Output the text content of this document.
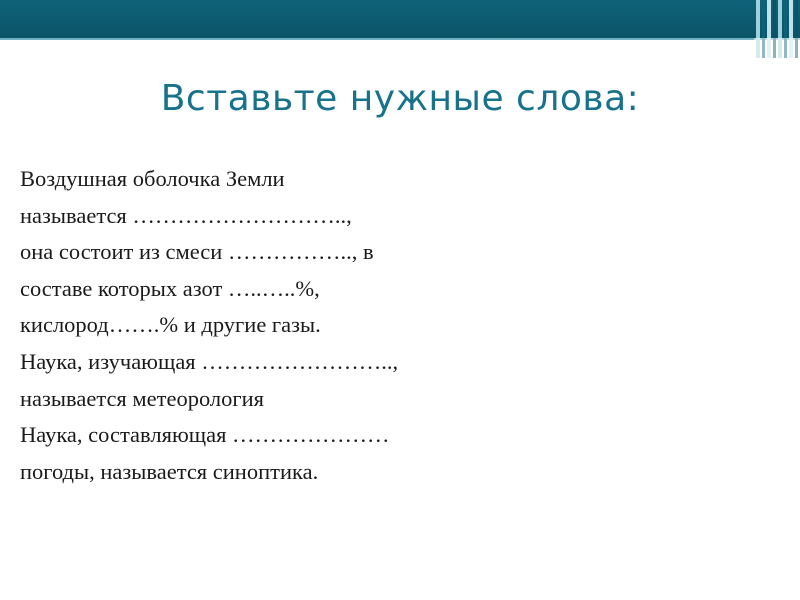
Вставьте нужные слова:
Воздушная оболочка Земли
называется ………………………..,
она состоит из смеси …………….., в
составе которых азот …..…..%,
кислород…….% и другие газы.
Наука, изучающая ……………………..,
называется метеорология
Наука, составляющая …………………
погоды, называется синоптика.
